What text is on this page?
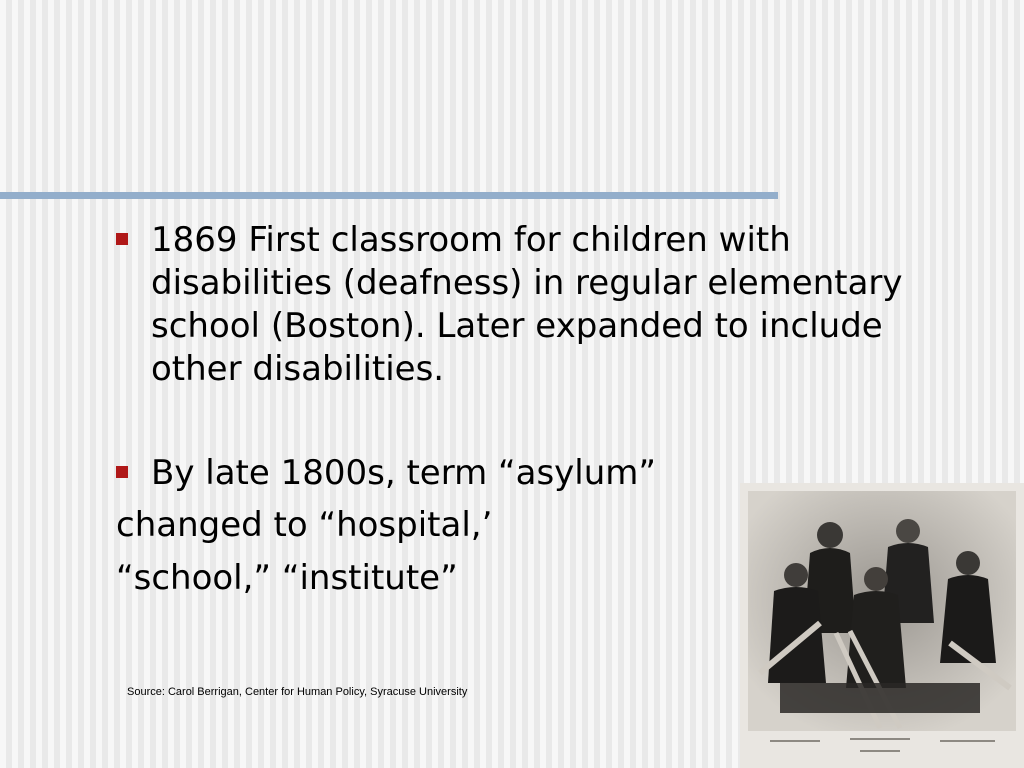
1869 First classroom for children with disabilities (deafness) in regular elementary school (Boston). Later expanded to include other disabilities.
By late 1800s, term “asylum”
changed to “hospital,’
“school,” “institute”
Source: Carol Berrigan, Center for Human Policy, Syracuse University
